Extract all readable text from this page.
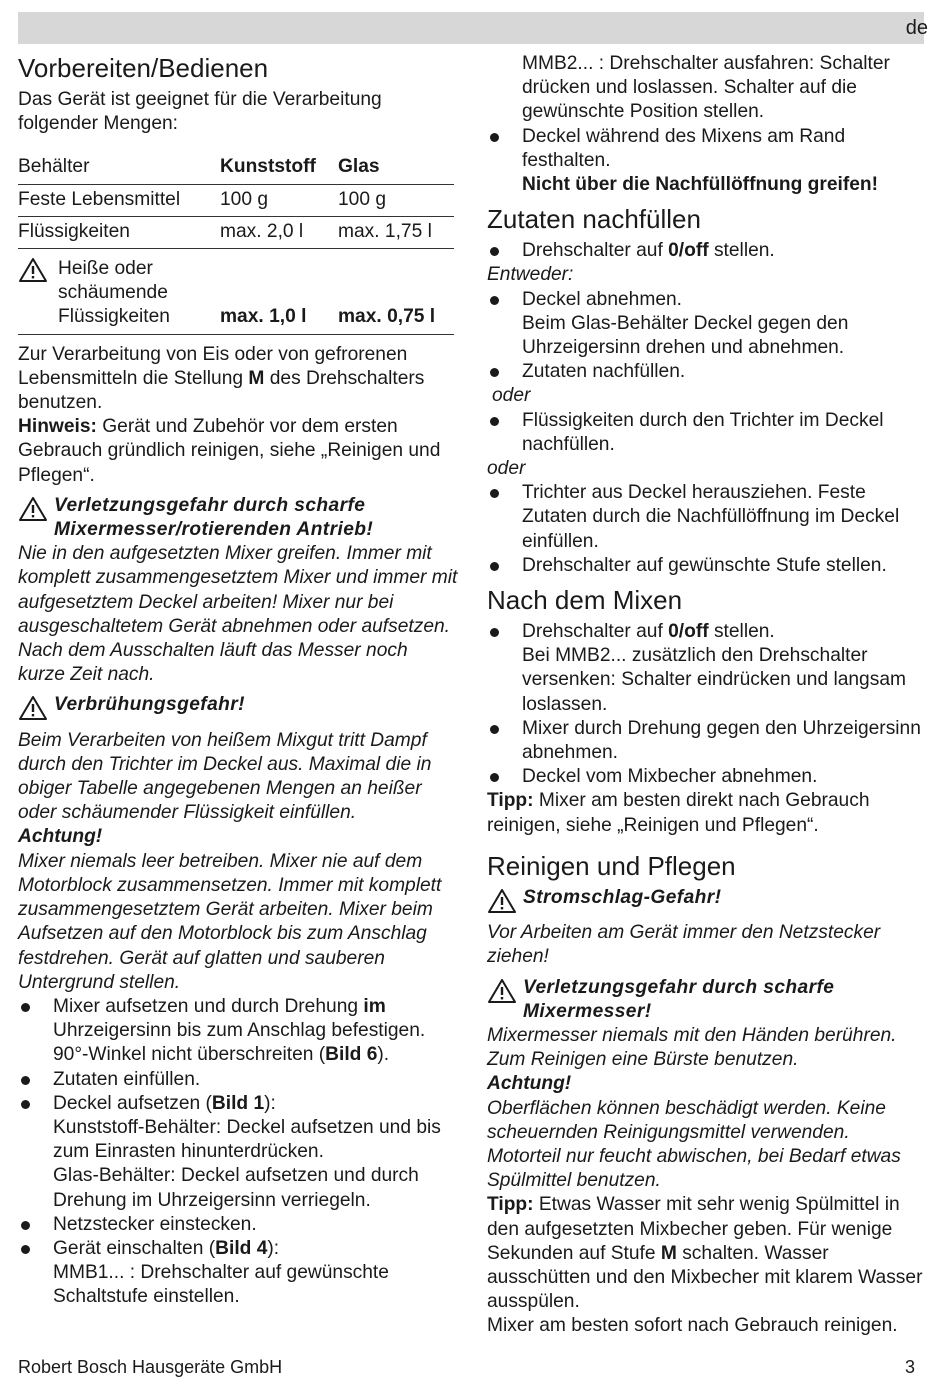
de
Vorbereiten/Bedienen

Das Gerät ist geeignet für die Verarbeitung folgender Mengen:

Behälter	Kunststoff	Glas
Feste Lebensmittel	100 g	100 g
Flüssigkeiten	max. 2,0 l	max. 1,75 l

Heiße oder schäumende Flüssigkeiten	max. 1,0 l	max. 0,75 l

Zur Verarbeitung von Eis oder von gefrorenen Lebensmitteln die Stellung M des Drehschalters benutzen.

Hinweis: Gerät und Zubehör vor dem ersten Gebrauch gründlich reinigen, siehe „Reinigen und Pflegen“.

Verletzungsgefahr durch scharfe Mixermesser/rotierenden Antrieb!

Nie in den aufgesetzten Mixer greifen. Immer mit komplett zusammengesetztem Mixer und immer mit aufgesetztem Deckel arbeiten! Mixer nur bei ausgeschaltetem Gerät abnehmen oder aufsetzen. Nach dem Ausschalten läuft das Messer noch kurze Zeit nach.

Verbrühungsgefahr!

Beim Verarbeiten von heißem Mixgut tritt Dampf durch den Trichter im Deckel aus. Maximal die in obiger Tabelle angegebenen Mengen an heißer oder schäumender Flüssigkeit einfüllen.

Achtung!

Mixer niemals leer betreiben. Mixer nie auf dem Motorblock zusammensetzen. Immer mit komplett zusammengesetztem Gerät arbeiten. Mixer beim Aufsetzen auf den Motorblock bis zum Anschlag festdrehen. Gerät auf glatten und sauberen Untergrund stellen.

Mixer aufsetzen und durch Drehung im Uhrzeigersinn bis zum Anschlag befestigen. 90°-Winkel nicht überschreiten (Bild 6).
Zutaten einfüllen.
Deckel aufsetzen (Bild 1):
Kunststoff-Behälter: Deckel aufsetzen und bis zum Einrasten hinunterdrücken.
Glas-Behälter: Deckel aufsetzen und durch Drehung im Uhrzeigersinn verriegeln.
Netzstecker einstecken.
Gerät einschalten (Bild 4):
MMB1... : Drehschalter auf gewünschte Schaltstufe einstellen.

MMB2... : Drehschalter ausfahren: Schalter drücken und loslassen. Schalter auf die gewünschte Position stellen.

Deckel während des Mixens am Rand festhalten.
Nicht über die Nachfüllöffnung greifen!
Zutaten nachfüllen
Drehschalter auf 0/off stellen.

Entweder:

Deckel abnehmen.
Beim Glas-Behälter Deckel gegen den Uhrzeigersinn drehen und abnehmen.
Zutaten nachfüllen.

oder

Flüssigkeiten durch den Trichter im Deckel nachfüllen.

oder

Trichter aus Deckel herausziehen. Feste Zutaten durch die Nachfüllöffnung im Deckel einfüllen.
Drehschalter auf gewünschte Stufe stellen.
Nach dem Mixen
Drehschalter auf 0/off stellen.
Bei MMB2... zusätzlich den Drehschalter versenken: Schalter eindrücken und langsam loslassen.
Mixer durch Drehung gegen den Uhrzeigersinn abnehmen.
Deckel vom Mixbecher abnehmen.

Tipp: Mixer am besten direkt nach Gebrauch reinigen, siehe „Reinigen und Pflegen“.

Reinigen und Pflegen
Stromschlag-Gefahr!

Vor Arbeiten am Gerät immer den Netzstecker ziehen!

Verletzungsgefahr durch scharfe Mixermesser!

Mixermesser niemals mit den Händen berühren. Zum Reinigen eine Bürste benutzen.

Achtung!

Oberflächen können beschädigt werden. Keine scheuernden Reinigungsmittel verwenden. Motorteil nur feucht abwischen, bei Bedarf etwas Spülmittel benutzen.

Tipp: Etwas Wasser mit sehr wenig Spülmittel in den aufgesetzten Mixbecher geben. Für wenige Sekunden auf Stufe M schalten. Wasser ausschütten und den Mixbecher mit klarem Wasser ausspülen.

Mixer am besten sofort nach Gebrauch reinigen.

Robert Bosch Hausgeräte GmbH	3
